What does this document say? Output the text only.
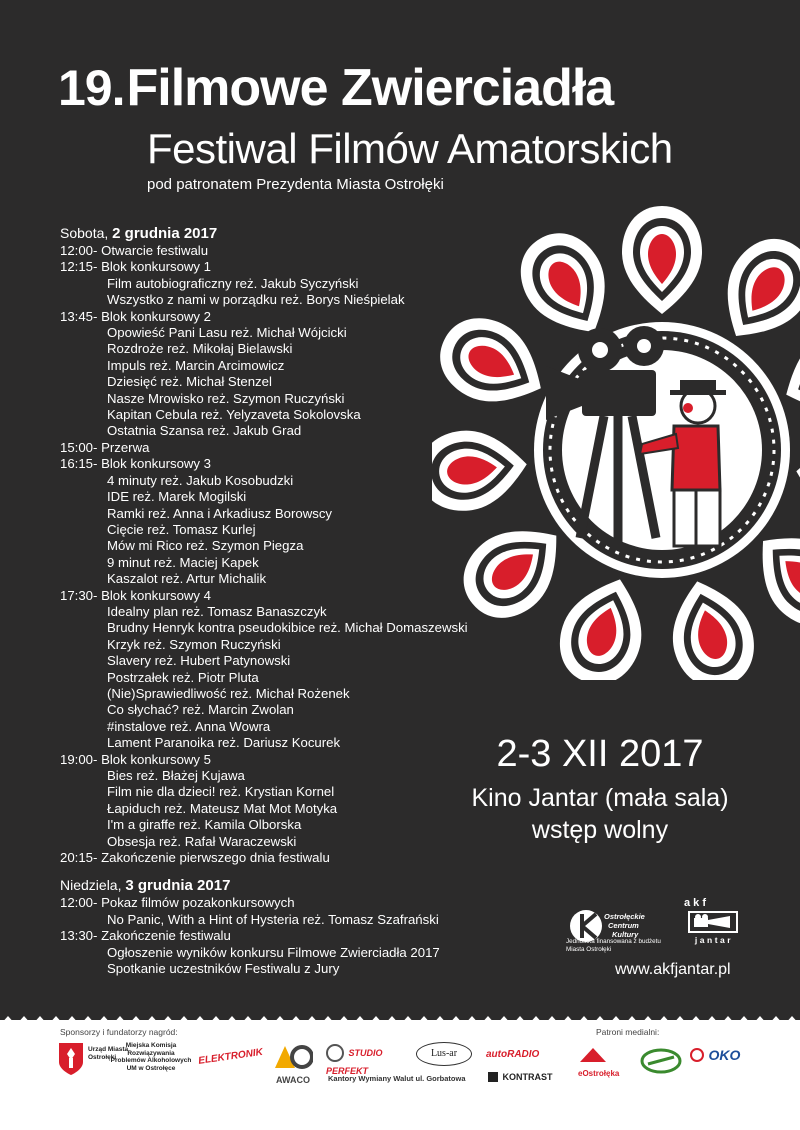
19. Filmowe Zwierciadła
Festiwal Filmów Amatorskich
pod patronatem Prezydenta Miasta Ostrołęki
Sobota, 2 grudnia 2017
12:00 - Otwarcie festiwalu
12:15 - Blok konkursowy 1
Film autobiograficzny reż. Jakub Syczyński
Wszystko z nami w porządku reż. Borys Nieśpielak
13:45 - Blok konkursowy 2
Opowieść Pani Lasu reż. Michał Wójcicki
Rozdroże reż. Mikołaj Bielawski
Impuls reż. Marcin Arcimowicz
Dziesięć reż. Michał Stenzel
Nasze Mrowisko reż. Szymon Ruczyński
Kapitan Cebula reż. Yelyzaveta Sokolovska
Ostatnia Szansa reż. Jakub Grad
15:00 - Przerwa
16:15 - Blok konkursowy 3
4 minuty reż. Jakub Kosobudzki
IDE reż. Marek Mogilski
Ramki reż. Anna i Arkadiusz Borowscy
Cięcie reż. Tomasz Kurlej
Mów mi Rico reż. Szymon Piegza
9 minut reż. Maciej Kapek
Kaszalot reż. Artur Michalik
17:30 - Blok konkursowy 4
Idealny plan reż. Tomasz Banaszczyk
Brudny Henryk kontra pseudokibice reż. Michał Domaszewski
Krzyk reż. Szymon Ruczyński
Slavery reż. Hubert Patynowski
Postrzałek reż. Piotr Pluta
(Nie)Sprawiedliwość reż. Michał Rożenek
Co słychać? reż. Marcin Zwolan
#instalove reż. Anna Wowra
Lament Paranoika reż. Dariusz Kocurek
19:00 - Blok konkursowy 5
Bies reż. Błażej Kujawa
Film nie dla dzieci! reż. Krystian Kornel
Łapiduch reż. Mateusz Mat Mot Motyka
I'm a giraffe reż. Kamila Olborska
Obsesja reż. Rafał Waraczewski
20:15 - Zakończenie pierwszego dnia festiwalu
Niedziela, 3 grudnia 2017
12:00 - Pokaz filmów pozakonkursowych
No Panic, With a Hint of Hysteria reż. Tomasz Szafrański
13:30 - Zakończenie festiwalu
Ogłoszenie wyników konkursu Filmowe Zwierciadła 2017
Spotkanie uczestników Festiwalu z Jury
2-3 XII 2017
Kino Jantar (mała sala)
wstęp wolny
Ostrołęckie
Centrum
Kultury
Jednostka finansowana z budżetu Miasta Ostrołęki
a k f
jantar
www.akfjantar.pl
Sponsorzy i fundatorzy nagród:	Patroni medialni:
Urząd Miasta Ostrołęki
Miejska Komisja Rozwiązywania Problemów Alkoholowych UM w Ostrołęce
ELEKTRONIK
AWACO
STUDIO PERFEKT
Lus-ar
Kantory Wymiany Walut ul. Gorbatowa
autoRADIO
KONTRAST	eOstrołęka
OKO
